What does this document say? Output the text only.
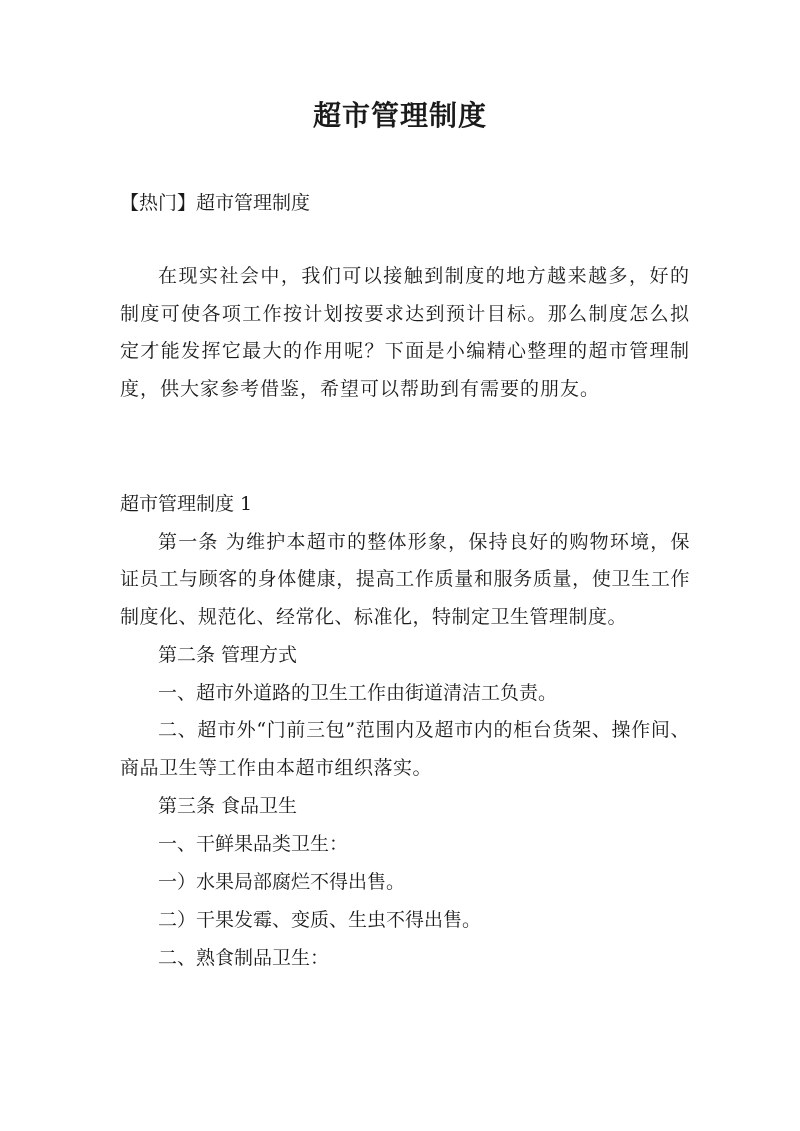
超市管理制度
【热门】超市管理制度

在现实社会中，我们可以接触到制度的地方越来越多，好的制度可使各项工作按计划按要求达到预计目标。那么制度怎么拟定才能发挥它最大的作用呢？下面是小编精心整理的超市管理制度，供大家参考借鉴，希望可以帮助到有需要的朋友。

超市管理制度 1

第一条 为维护本超市的整体形象，保持良好的购物环境，保证员工与顾客的身体健康，提高工作质量和服务质量，使卫生工作制度化、规范化、经常化、标准化，特制定卫生管理制度。

第二条 管理方式

一、超市外道路的卫生工作由街道清洁工负责。

二、超市外“门前三包”范围内及超市内的柜台货架、操作间、商品卫生等工作由本超市组织落实。

第三条 食品卫生

一、干鲜果品类卫生：

一）水果局部腐烂不得出售。

二）干果发霉、变质、生虫不得出售。

二、熟食制品卫生：
